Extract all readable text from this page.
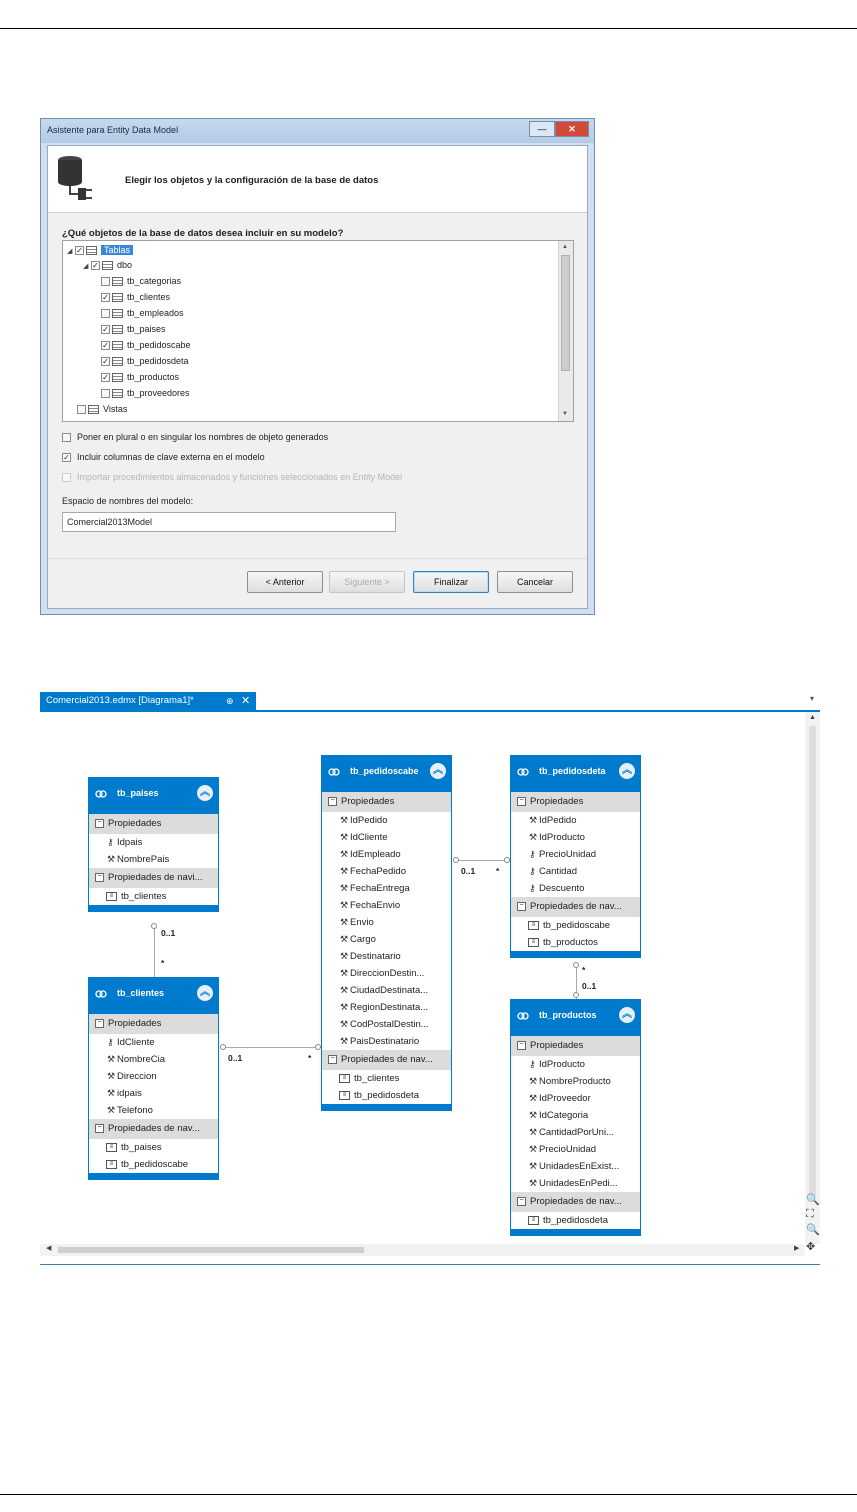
Asistente para Entity Data Model	—	✕
Elegir los objetos y la configuración de la base de datos
¿Qué objetos de la base de datos desea incluir en su modelo?
◢ ✓ Tablas
◢ ✓ dbo
tb_categorias
✓ tb_clientes
tb_empleados
✓ tb_paises
✓ tb_pedidoscabe
✓ tb_pedidosdeta
✓ tb_productos
tb_proveedores
Vistas
▲
▼
Poner en plural o en singular los nombres de objeto generados
✓ Incluir columnas de clave externa en el modelo
Importar procedimientos almacenados y funciones seleccionados en Entity Model
Espacio de nombres del modelo:
Comercial2013Model
< Anterior	Siguiente >	Finalizar	Cancelar
Comercial2013.edmx [Diagrama1]*	⊕ ✕	▾
0..1
*
0..1	*
0..1 *
*
0..1
tb_paises	︽
− Propiedades
⚷ Idpais
⚒ NombrePais
− Propiedades de navi...
≡ tb_clientes
tb_clientes	︽
− Propiedades
⚷ IdCliente
⚒ NombreCia
⚒ Direccion
⚒ idpais
⚒ Telefono
− Propiedades de nav...
≡ tb_paises
≡ tb_pedidoscabe
tb_pedidoscabe	︽
− Propiedades
⚒ IdPedido
⚒ IdCliente
⚒ IdEmpleado
⚒ FechaPedido
⚒ FechaEntrega
⚒ FechaEnvio
⚒ Envio
⚒ Cargo
⚒ Destinatario
⚒ DireccionDestin...
⚒ CiudadDestinata...
⚒ RegionDestinata...
⚒ CodPostalDestin...
⚒ PaisDestinatario
− Propiedades de nav...
≡ tb_clientes
≡ tb_pedidosdeta
tb_pedidosdeta	︽
− Propiedades
⚒ IdPedido
⚒ IdProducto
⚷ PrecioUnidad
⚷ Cantidad
⚷ Descuento
− Propiedades de nav...
≡ tb_pedidoscabe
≡ tb_productos
tb_productos	︽
− Propiedades
⚷ IdProducto
⚒ NombreProducto
⚒ IdProveedor
⚒ IdCategoria
⚒ CantidadPorUni...
⚒ PrecioUnidad
⚒ UnidadesEnExist...
⚒ UnidadesEnPedi...
− Propiedades de nav...
≡ tb_pedidosdeta
▲
🔍
⛶
🔍
✥
◀	▶
